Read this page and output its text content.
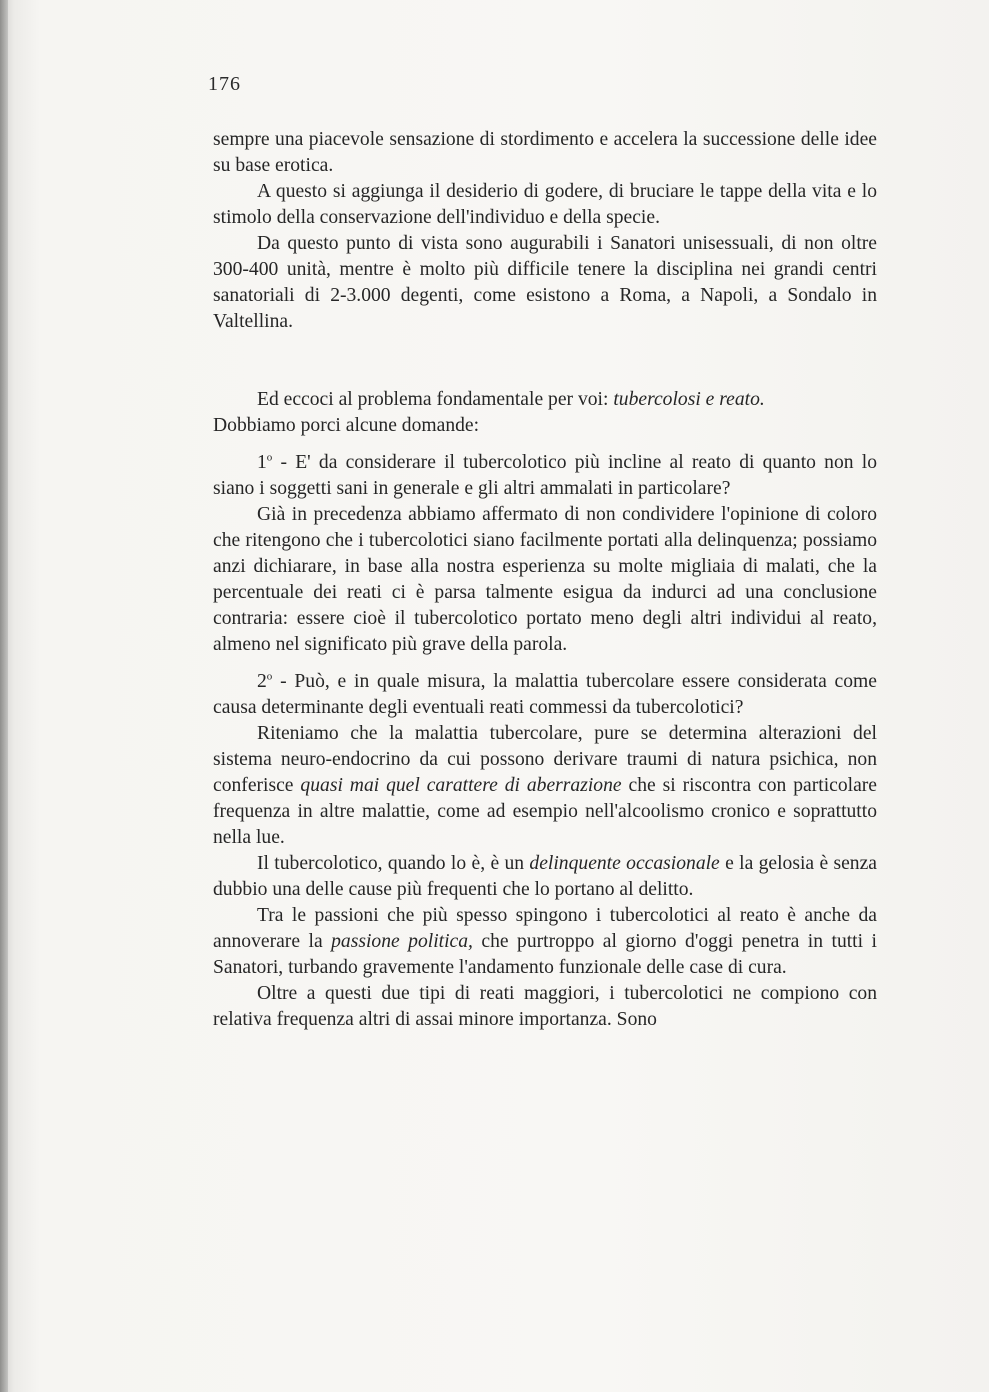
176

sempre una piacevole sensazione di stordimento e accelera la successione delle idee su base erotica.

A questo si aggiunga il desiderio di godere, di bruciare le tappe della vita e lo stimolo della conservazione dell'individuo e della specie.

Da questo punto di vista sono augurabili i Sanatori unisessuali, di non oltre 300-400 unità, mentre è molto più difficile tenere la disciplina nei grandi centri sanatoriali di 2-3.000 degenti, come esistono a Roma, a Napoli, a Sondalo in Valtellina.

Ed eccoci al problema fondamentale per voi: tubercolosi e reato.

Dobbiamo porci alcune domande:

1$^o$ - E' da considerare il tubercolotico più incline al reato di quanto non lo siano i soggetti sani in generale e gli altri ammalati in particolare?

Già in precedenza abbiamo affermato di non condividere l'opinione di coloro che ritengono che i tubercolotici siano facilmente portati alla delinquenza; possiamo anzi dichiarare, in base alla nostra esperienza su molte migliaia di malati, che la percentuale dei reati ci è parsa talmente esigua da indurci ad una conclusione contraria: essere cioè il tubercolotico portato meno degli altri individui al reato, almeno nel significato più grave della parola.

2$^o$ - Può, e in quale misura, la malattia tubercolare essere considerata come causa determinante degli eventuali reati commessi da tubercolotici?

Riteniamo che la malattia tubercolare, pure se determina alterazioni del sistema neuro-endocrino da cui possono derivare traumi di natura psichica, non conferisce quasi mai quel carattere di aberrazione che si riscontra con particolare frequenza in altre malattie, come ad esempio nell'alcoolismo cronico e soprattutto nella lue.

Il tubercolotico, quando lo è, è un delinquente occasionale e la gelosia è senza dubbio una delle cause più frequenti che lo portano al delitto.

Tra le passioni che più spesso spingono i tubercolotici al reato è anche da annoverare la passione politica, che purtroppo al giorno d'oggi penetra in tutti i Sanatori, turbando gravemente l'andamento funzionale delle case di cura.

Oltre a questi due tipi di reati maggiori, i tubercolotici ne compiono con relativa frequenza altri di assai minore importanza. Sono
